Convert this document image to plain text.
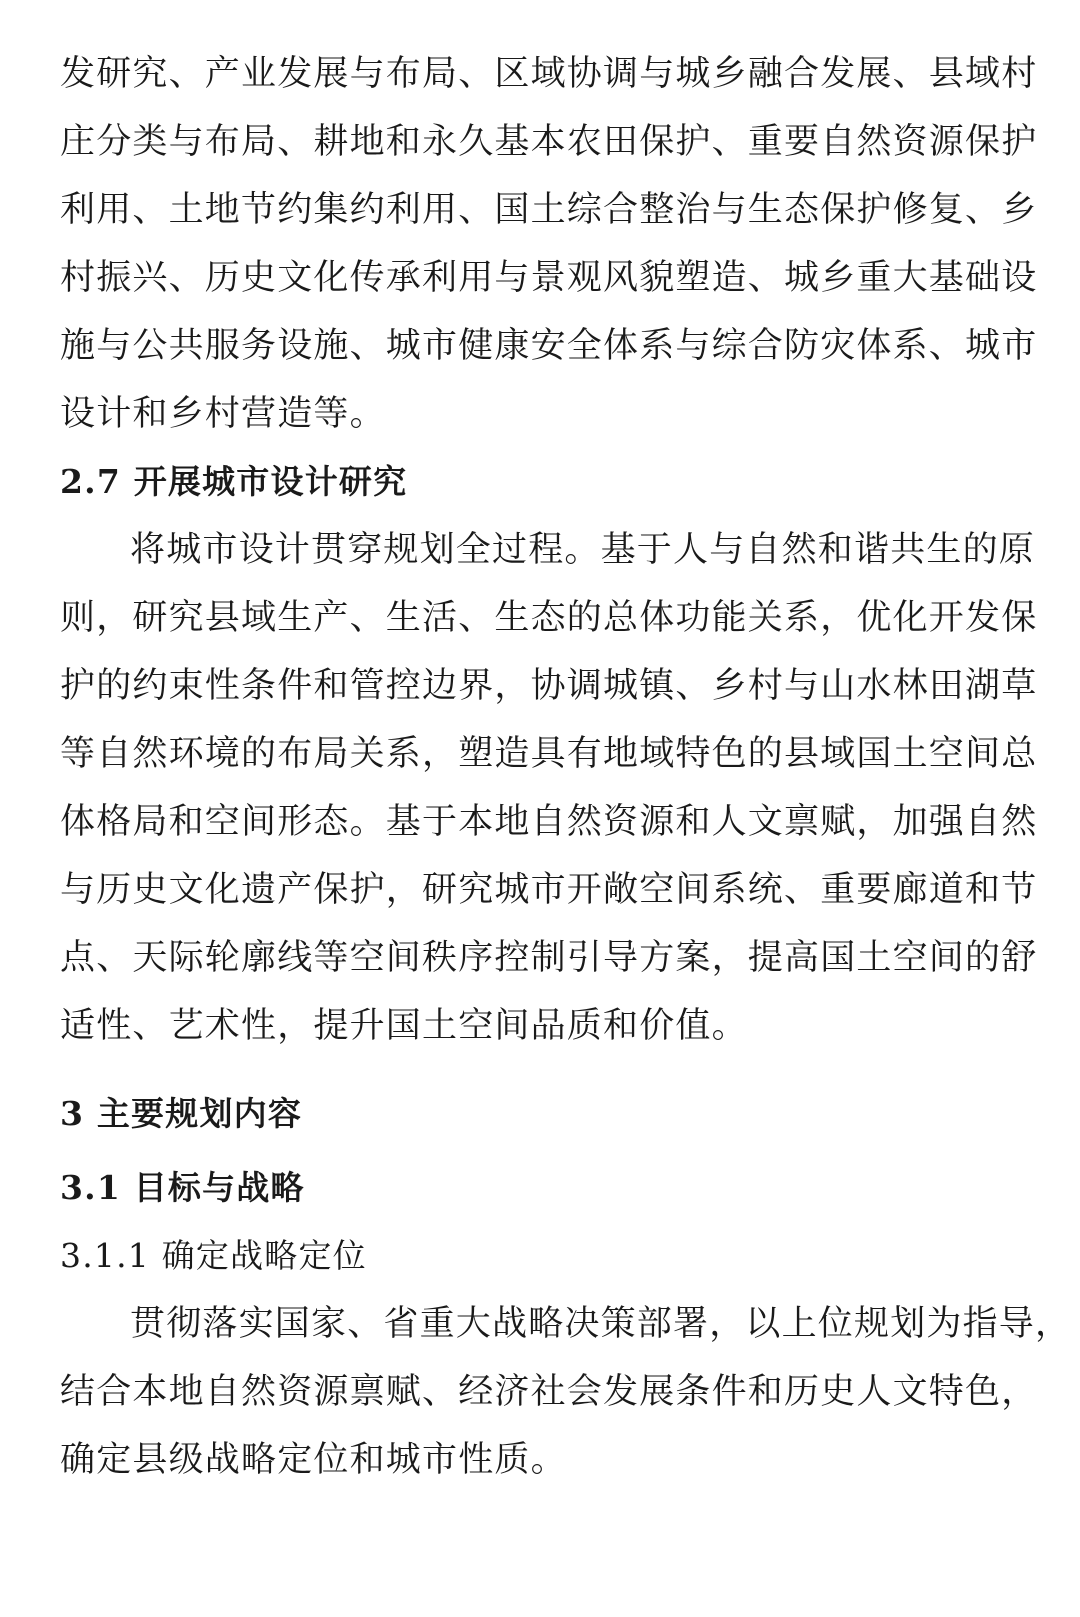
发研究、产业发展与布局、区域协调与城乡融合发展、县域村
庄分类与布局、耕地和永久基本农田保护、重要自然资源保护
利用、土地节约集约利用、国土综合整治与生态保护修复、乡
村振兴、历史文化传承利用与景观风貌塑造、城乡重大基础设
施与公共服务设施、城市健康安全体系与综合防灾体系、城市
设计和乡村营造等。
2.7 开展城市设计研究
将城市设计贯穿规划全过程。基于人与自然和谐共生的原
则，研究县域生产、生活、生态的总体功能关系，优化开发保
护的约束性条件和管控边界，协调城镇、乡村与山水林田湖草
等自然环境的布局关系，塑造具有地域特色的县域国土空间总
体格局和空间形态。基于本地自然资源和人文禀赋，加强自然
与历史文化遗产保护，研究城市开敞空间系统、重要廊道和节
点、天际轮廓线等空间秩序控制引导方案，提高国土空间的舒
适性、艺术性，提升国土空间品质和价值。
3 主要规划内容
3.1 目标与战略
3.1.1 确定战略定位
贯彻落实国家、省重大战略决策部署，以上位规划为指导，
结合本地自然资源禀赋、经济社会发展条件和历史人文特色，
确定县级战略定位和城市性质。
